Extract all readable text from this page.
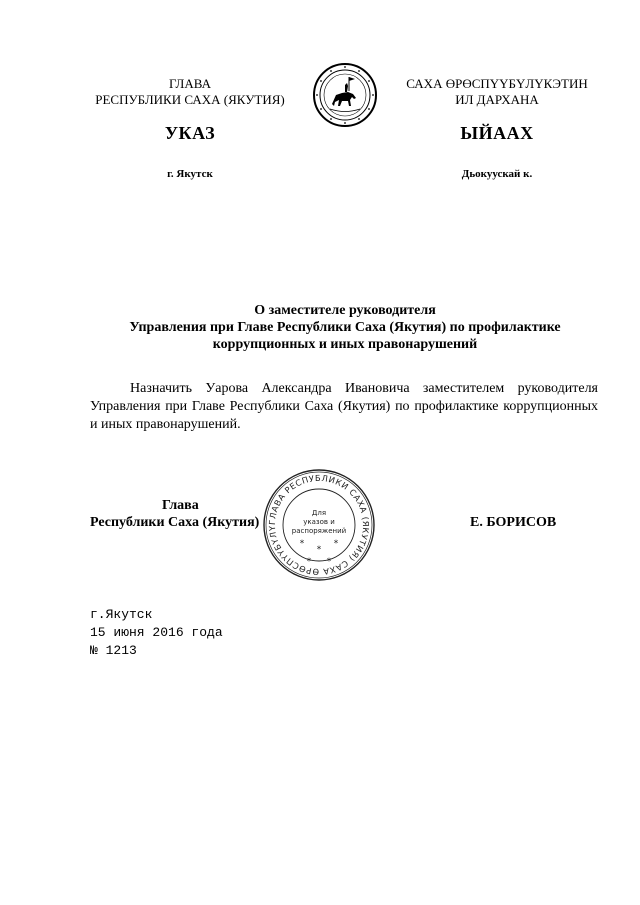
ГЛАВА
РЕСПУБЛИКИ САХА (ЯКУТИЯ)
САХА ӨРӨСПҮҮБҮЛҮКЭТИН
ИЛ ДАРХАНА
УКАЗ	ЫЙААХ
г. Якутск	Дьокуускай к.
О заместителе руководителя
Управления при Главе Республики Саха (Якутия) по профилактике
коррупционных и иных правонарушений
Назначить Уарова Александра Ивановича заместителем руководителя Управления при Главе Республики Саха (Якутия) по профилактике коррупционных и иных правонарушений.
Глава
Республики Саха (Якутия) ГЛАВА РЕСПУБЛИКИ САХА (ЯКУТИЯ) САХА ӨРӨСПҮҮБҮЛҮ
Для
указов и
распоряжений
*
* *
*	*
Е. БОРИСОВ
г.Якутск
15 июня 2016 года
№ 1213
